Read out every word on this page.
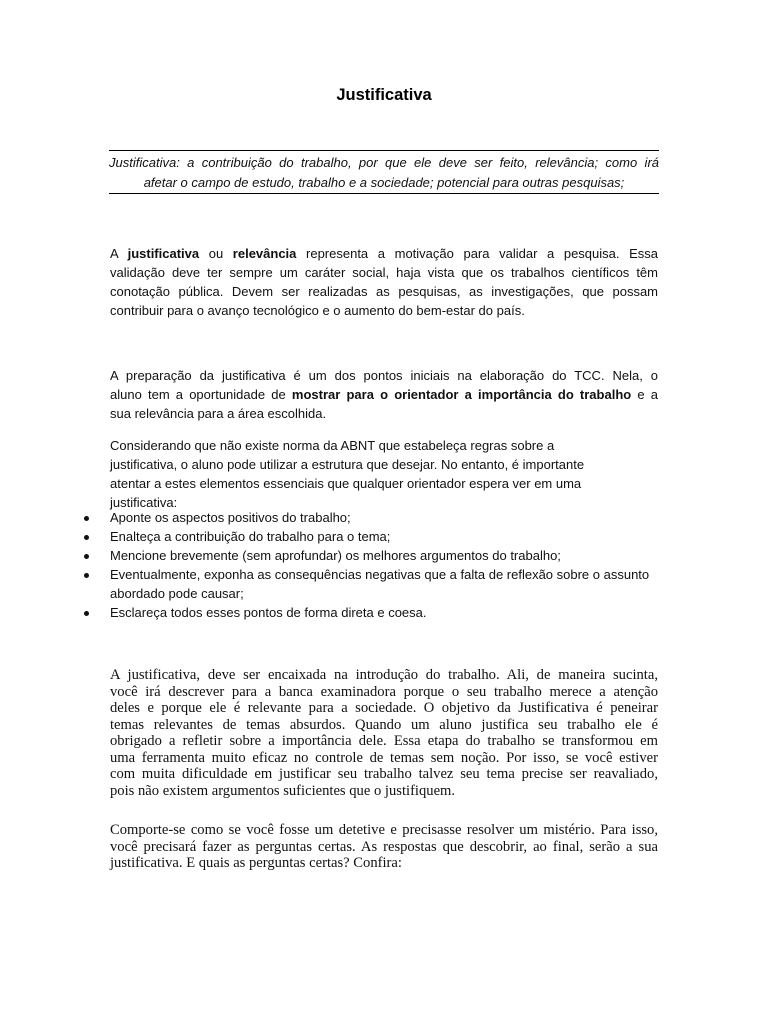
Justificativa
Justificativa: a contribuição do trabalho, por que ele deve ser feito, relevância; como irá
afetar o campo de estudo, trabalho e a sociedade; potencial para outras pesquisas;
A justificativa ou relevância representa a motivação para validar a pesquisa. Essa
validação deve ter sempre um caráter social, haja vista que os trabalhos científicos têm
conotação pública. Devem ser realizadas as pesquisas, as investigações, que possam
contribuir para o avanço tecnológico e o aumento do bem-estar do país.
A preparação da justificativa é um dos pontos iniciais na elaboração do TCC. Nela, o
aluno tem a oportunidade de mostrar para o orientador a importância do trabalho e a
sua relevância para a área escolhida.
Considerando que não existe norma da ABNT que estabeleça regras sobre a
justificativa, o aluno pode utilizar a estrutura que desejar. No entanto, é importante
atentar a estes elementos essenciais que qualquer orientador espera ver em uma
justificativa:
Aponte os aspectos positivos do trabalho;
Enalteça a contribuição do trabalho para o tema;
Mencione brevemente (sem aprofundar) os melhores argumentos do trabalho;
Eventualmente, exponha as consequências negativas que a falta de reflexão sobre o assunto abordado pode causar;
Esclareça todos esses pontos de forma direta e coesa.
A justificativa, deve ser encaixada na introdução do trabalho. Ali, de maneira sucinta,
você irá descrever para a banca examinadora porque o seu trabalho merece a atenção
deles e porque ele é relevante para a sociedade. O objetivo da Justificativa é peneirar
temas relevantes de temas absurdos. Quando um aluno justifica seu trabalho ele é
obrigado a refletir sobre a importância dele. Essa etapa do trabalho se transformou em
uma ferramenta muito eficaz no controle de temas sem noção. Por isso, se você estiver
com muita dificuldade em justificar seu trabalho talvez seu tema precise ser reavaliado,
pois não existem argumentos suficientes que o justifiquem.
Comporte-se como se você fosse um detetive e precisasse resolver um mistério. Para isso,
você precisará fazer as perguntas certas. As respostas que descobrir, ao final, serão a sua
justificativa. E quais as perguntas certas? Confira:
